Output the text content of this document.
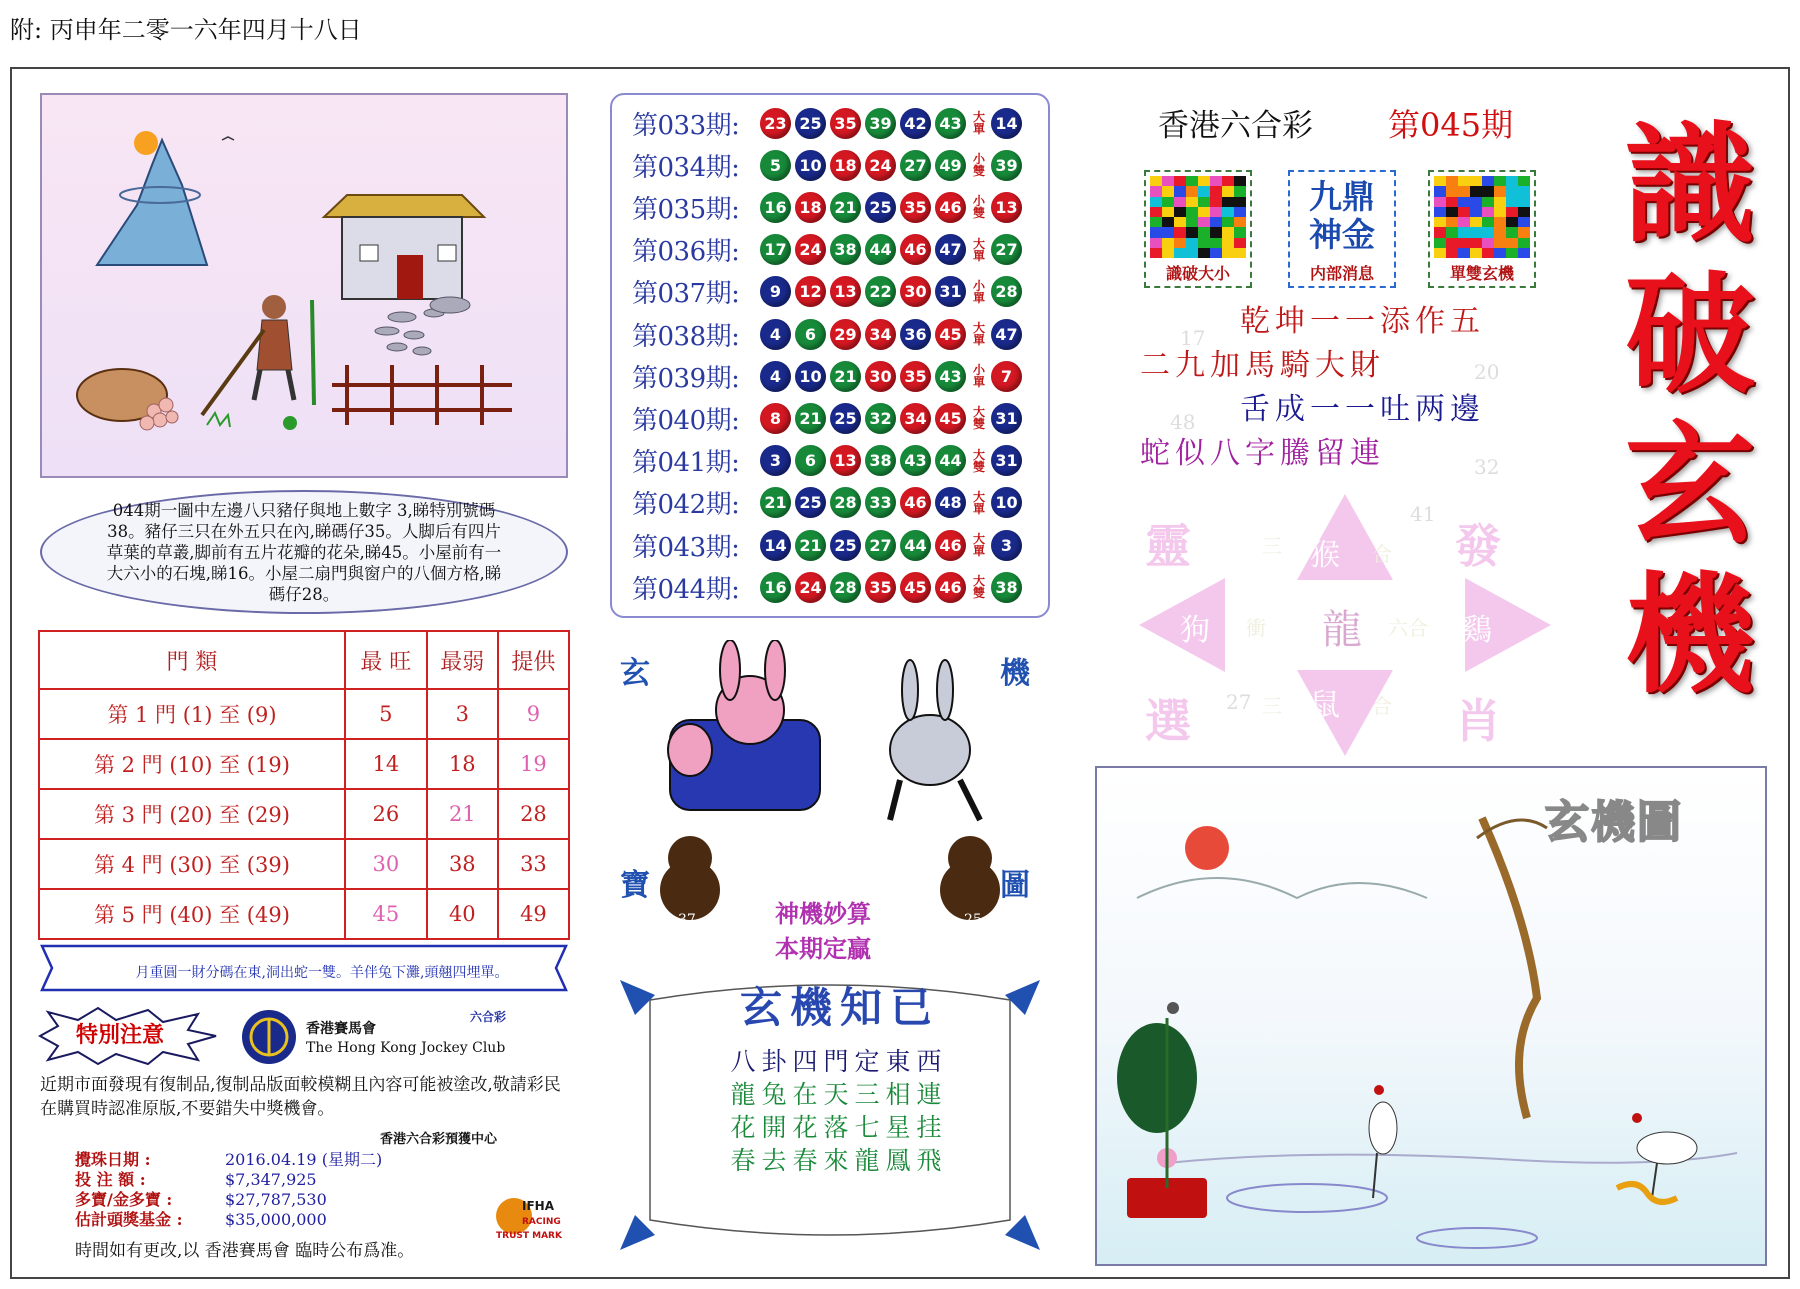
附: 丙申年二零一六年四月十八日
044期一圖中左邊八只豬仔與地上數字 3,睇特別號碼38。豬仔三只在外五只在內,睇碼仔35。人脚后有四片草葉的草叢,脚前有五片花瓣的花朵,睇45。小屋前有一大六小的石塊,睇16。小屋二扇門與窗户的八個方格,睇碼仔28。
門 類	最 旺	最弱	提供
第 1 門 (1) 至 (9)	5	3	9
第 2 門 (10) 至 (19)	14	18	19
第 3 門 (20) 至 (29)	26	21	28
第 4 門 (30) 至 (39)	30	38	33
第 5 門 (40) 至 (49)	45	40	49
月重圓一財分碼在東,洞出蛇一雙。羊伴兔下灘,頭翹四埋單。
特別注意	香港賽馬會
The Hong Kong Jockey Club
六合彩
近期市面發現有復制品,復制品版面較模糊且內容可能被塗改,敬請彩民在購買時認准原版,不要錯失中獎機會。
香港六合彩預獲中心
攪珠日期 :	2016.04.19 (星期二)
投 注 額 :	$7,347,925
多寶/金多寶 :	$27,787,530
估計頭獎基金 :	$35,000,000
時間如有更改,以 香港賽馬會 臨時公布爲准。
IFHA
RACING
TRUST MARK
第033期:	23 25 35 39 42 43 大單 14
第034期:	5	10 18 24 27 49 小雙 39
第035期:	16 18 21 25 35 46 小雙 13
第036期:	17 24 38 44 46 47 大單 27
第037期:	9	12 13 22 30 31 小單 28
第038期:	4	6	29 34 36 45 大單 47
第039期:	4	10 21 30 35 43 小單 7
第040期:	8	21 25 32 34 45 大雙 31
第041期:	3	6	13 38 43 44 大雙 31
第042期:	21 25 28 33 46 48 大單 10
第043期:	14 21 25 27 44 46 大單 3
第044期:	16 24 28 35 45 46 大雙 38
玄	機
寶	圖
37	25
神機妙算
本期定贏
玄機知已
八卦四門定東西
龍兔在天三相連
花開花落七星挂
春去春來龍鳳飛
香港六合彩 第045期 識
破
玄
機
識破大小
九鼎神金
内部消息	單雙玄機
乾坤一一添作五
二九加馬騎大財
舌成一一吐两邊
蛇似八字騰留連
17
20
48
32
41
27
靈	發
選	肖
龍
猴
狗	鷄
鼠
三	合
衝	六合
三	合
玄機圖
